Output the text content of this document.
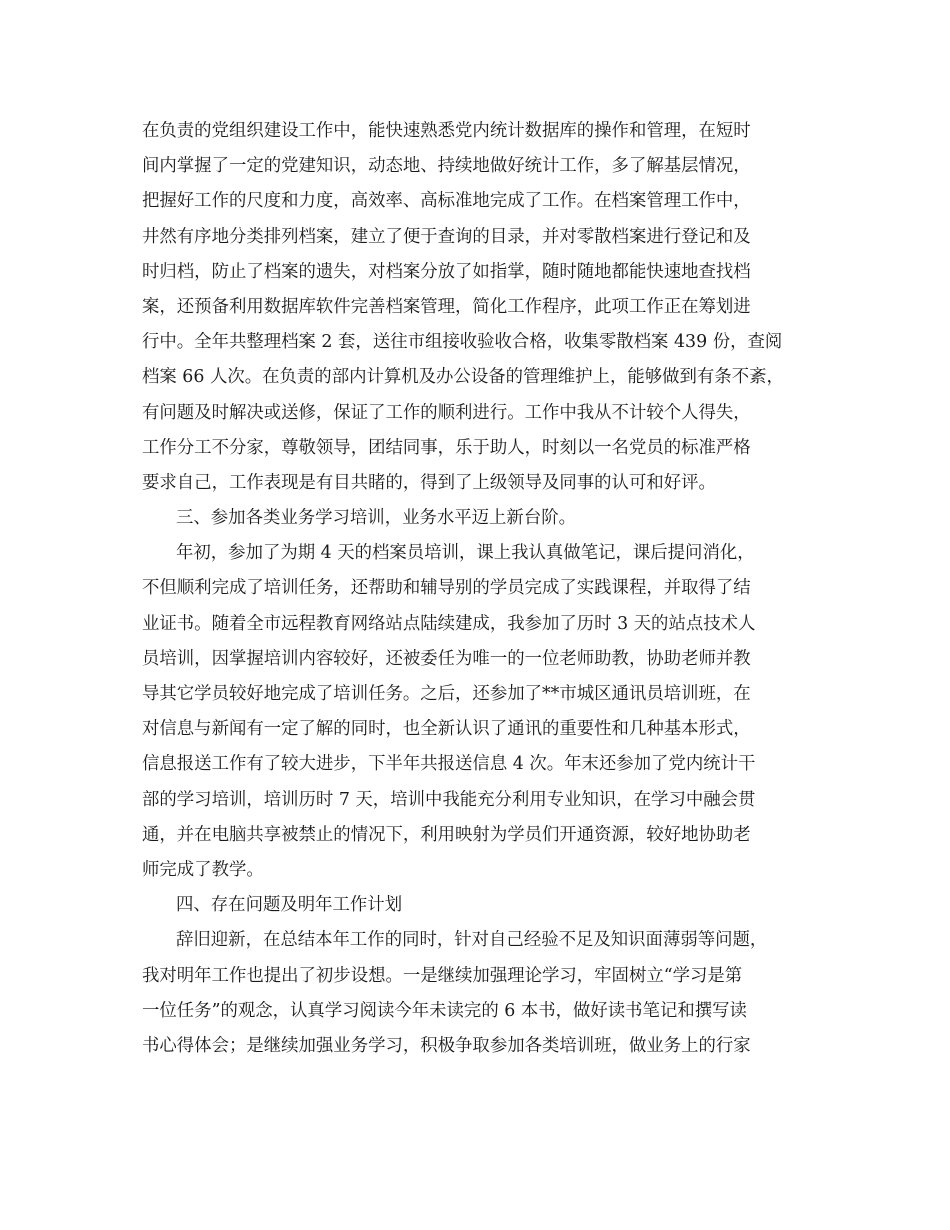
在负责的党组织建设工作中，能快速熟悉党内统计数据库的操作和管理，在短时
间内掌握了一定的党建知识，动态地、持续地做好统计工作，多了解基层情况，
把握好工作的尺度和力度，高效率、高标准地完成了工作。在档案管理工作中，
井然有序地分类排列档案，建立了便于查询的目录，并对零散档案进行登记和及
时归档，防止了档案的遗失，对档案分放了如指掌，随时随地都能快速地查找档
案，还预备利用数据库软件完善档案管理，简化工作程序，此项工作正在筹划进
行中。全年共整理档案 2 套，送往市组接收验收合格，收集零散档案 439 份，查阅
档案 66 人次。在负责的部内计算机及办公设备的管理维护上，能够做到有条不紊，
有问题及时解决或送修，保证了工作的顺利进行。工作中我从不计较个人得失，
工作分工不分家，尊敬领导，团结同事，乐于助人，时刻以一名党员的标准严格
要求自己，工作表现是有目共睹的，得到了上级领导及同事的认可和好评。
三、参加各类业务学习培训，业务水平迈上新台阶。
年初，参加了为期 4 天的档案员培训，课上我认真做笔记，课后提问消化，
不但顺利完成了培训任务，还帮助和辅导别的学员完成了实践课程，并取得了结
业证书。随着全市远程教育网络站点陆续建成，我参加了历时 3 天的站点技术人
员培训，因掌握培训内容较好，还被委任为唯一的一位老师助教，协助老师并教
导其它学员较好地完成了培训任务。之后，还参加了**市城区通讯员培训班，在
对信息与新闻有一定了解的同时，也全新认识了通讯的重要性和几种基本形式，
信息报送工作有了较大进步，下半年共报送信息 4 次。年末还参加了党内统计干
部的学习培训，培训历时 7 天，培训中我能充分利用专业知识，在学习中融会贯
通，并在电脑共享被禁止的情况下，利用映射为学员们开通资源，较好地协助老
师完成了教学。
四、存在问题及明年工作计划
辞旧迎新，在总结本年工作的同时，针对自己经验不足及知识面薄弱等问题，
我对明年工作也提出了初步设想。一是继续加强理论学习，牢固树立“学习是第
一位任务”的观念，认真学习阅读今年未读完的 6 本书，做好读书笔记和撰写读
书心得体会；是继续加强业务学习，积极争取参加各类培训班，做业务上的行家
